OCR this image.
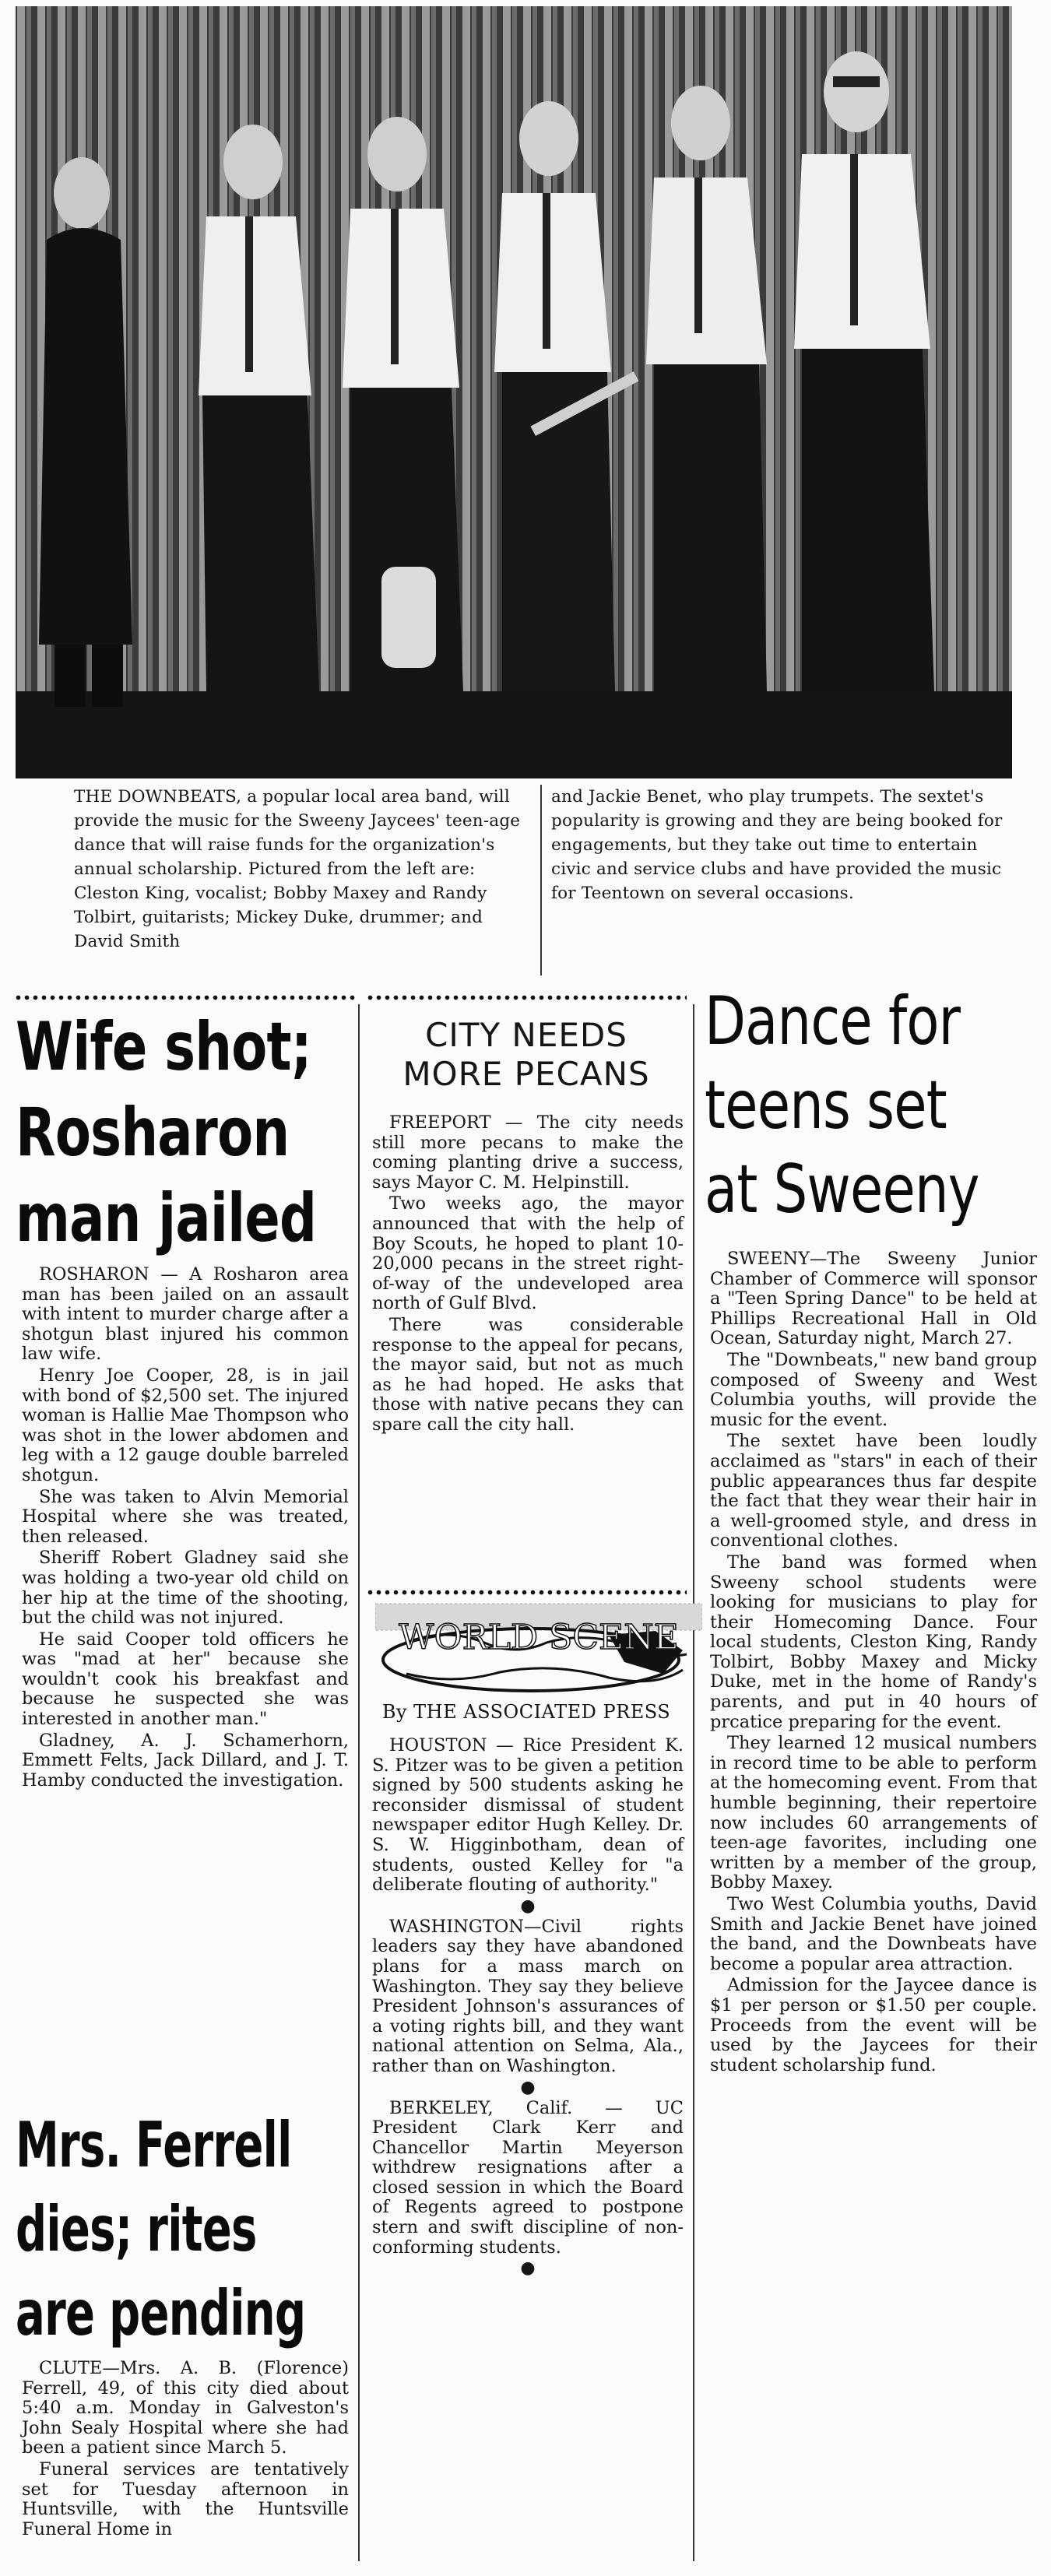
THE DOWNBEATS, a popular local area band, will provide the music for the Sweeny Jaycees' teen-age dance that will raise funds for the organization's annual scholarship. Pictured from the left are: Cleston King, vocalist; Bobby Maxey and Randy Tolbirt, guitarists; Mickey Duke, drummer; and David Smith
and Jackie Benet, who play trumpets. The sextet's popularity is growing and they are being booked for engagements, but they take out time to entertain civic and service clubs and have provided the music for Teentown on several occasions.
Wife shot;
Rosharon
man jailed

ROSHARON — A Rosharon area man has been jailed on an assault with intent to murder charge after a shotgun blast injured his common law wife.

Henry Joe Cooper, 28, is in jail with bond of $2,500 set. The injured woman is Hallie Mae Thompson who was shot in the lower abdomen and leg with a 12 gauge double barreled shotgun.

She was taken to Alvin Memorial Hospital where she was treated, then released.

Sheriff Robert Gladney said she was holding a two-year old child on her hip at the time of the shooting, but the child was not injured.

He said Cooper told officers he was "mad at her" because she wouldn't cook his breakfast and because he suspected she was interested in another man."

Gladney, A. J. Schamerhorn, Emmett Felts, Jack Dillard, and J. T. Hamby conducted the investigation.

Mrs. Ferrell
dies; rites
are pending

CLUTE—Mrs. A. B. (Florence) Ferrell, 49, of this city died about 5:40 a.m. Monday in Galveston's John Sealy Hospital where she had been a patient since March 5.

Funeral services are tentatively set for Tuesday afternoon in Huntsville, with the Huntsville Funeral Home in

CITY NEEDS
MORE PECANS

FREEPORT — The city needs still more pecans to make the coming planting drive a success, says Mayor C. M. Helpinstill.

Two weeks ago, the mayor announced that with the help of Boy Scouts, he hoped to plant 10-20,000 pecans in the street right-of-way of the undeveloped area north of Gulf Blvd.

There was considerable response to the appeal for pecans, the mayor said, but not as much as he had hoped. He asks that those with native pecans they can spare call the city hall.

WORLD SCENE
By THE ASSOCIATED PRESS

HOUSTON — Rice President K. S. Pitzer was to be given a petition signed by 500 students asking he reconsider dismissal of student newspaper editor Hugh Kelley. Dr. S. W. Higginbotham, dean of students, ousted Kelley for "a deliberate flouting of authority."

●

WASHINGTON—Civil rights leaders say they have abandoned plans for a mass march on Washington. They say they believe President Johnson's assurances of a voting rights bill, and they want national attention on Selma, Ala., rather than on Washington.

●

BERKELEY, Calif. — UC President Clark Kerr and Chancellor Martin Meyerson withdrew resignations after a closed session in which the Board of Regents agreed to postpone stern and swift discipline of non-conforming students.

●

Dance for
teens set
at Sweeny

SWEENY—The Sweeny Junior Chamber of Commerce will sponsor a "Teen Spring Dance" to be held at Phillips Recreational Hall in Old Ocean, Saturday night, March 27.

The "Downbeats," new band group composed of Sweeny and West Columbia youths, will provide the music for the event.

The sextet have been loudly acclaimed as "stars" in each of their public appearances thus far despite the fact that they wear their hair in a well-groomed style, and dress in conventional clothes.

The band was formed when Sweeny school students were looking for musicians to play for their Homecoming Dance. Four local students, Cleston King, Randy Tolbirt, Bobby Maxey and Micky Duke, met in the home of Randy's parents, and put in 40 hours of prcatice preparing for the event.

They learned 12 musical numbers in record time to be able to perform at the homecoming event. From that humble beginning, their repertoire now includes 60 arrangements of teen-age favorites, including one written by a member of the group, Bobby Maxey.

Two West Columbia youths, David Smith and Jackie Benet have joined the band, and the Downbeats have become a popular area attraction.

Admission for the Jaycee dance is $1 per person or $1.50 per couple. Proceeds from the event will be used by the Jaycees for their student scholarship fund.
